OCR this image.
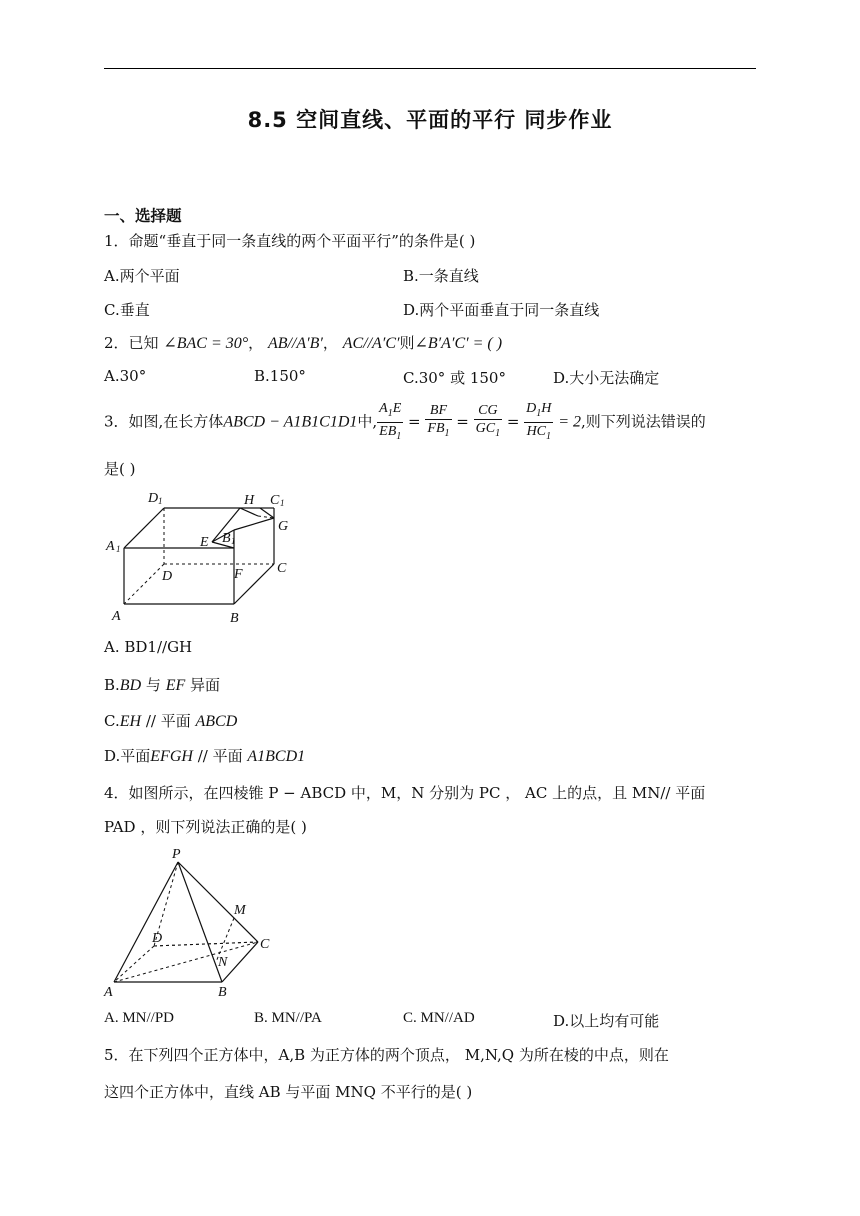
8.5 空间直线、平面的平行 同步作业
一、选择题
1．命题“垂直于同一条直线的两个平面平行”的条件是( )
A.两个平面	B.一条直线
C.垂直	D.两个平面垂直于同一条直线
2．已知 ∠BAC = 30°， AB//A′B′， AC//A′C′则∠B′A′C′ = ( )
A.30°	B.150°	C.30° 或 150°	D.大小无法确定
3．如图,在长方体ABCD − A1B1C1D1中, $\frac{A_1E}{EB_1} = \frac{BF}{FB_1} = \frac{CG}{GC_1} = \frac{D_1H}{HC_1} = 2$,则下列说法错误的
是( )
D 1	H C 1
G
A 1	E B 1
D	F C
A	B
A. BD1//GH
B.BD 与 EF 异面
C.EH // 平面 ABCD
D.平面EFGH // 平面 A1BCD1
4．如图所示，在四棱锥 P − ABCD 中，M，N 分别为 PC ， AC 上的点，且 MN// 平面
PAD ，则下列说法正确的是( )
P
M
D	C
N
A	B
A. MN//PD	B. MN//PA	C. MN//AD	D.以上均有可能
5．在下列四个正方体中，A,B 为正方体的两个顶点， M,N,Q 为所在棱的中点，则在
这四个正方体中，直线 AB 与平面 MNQ 不平行的是( )
